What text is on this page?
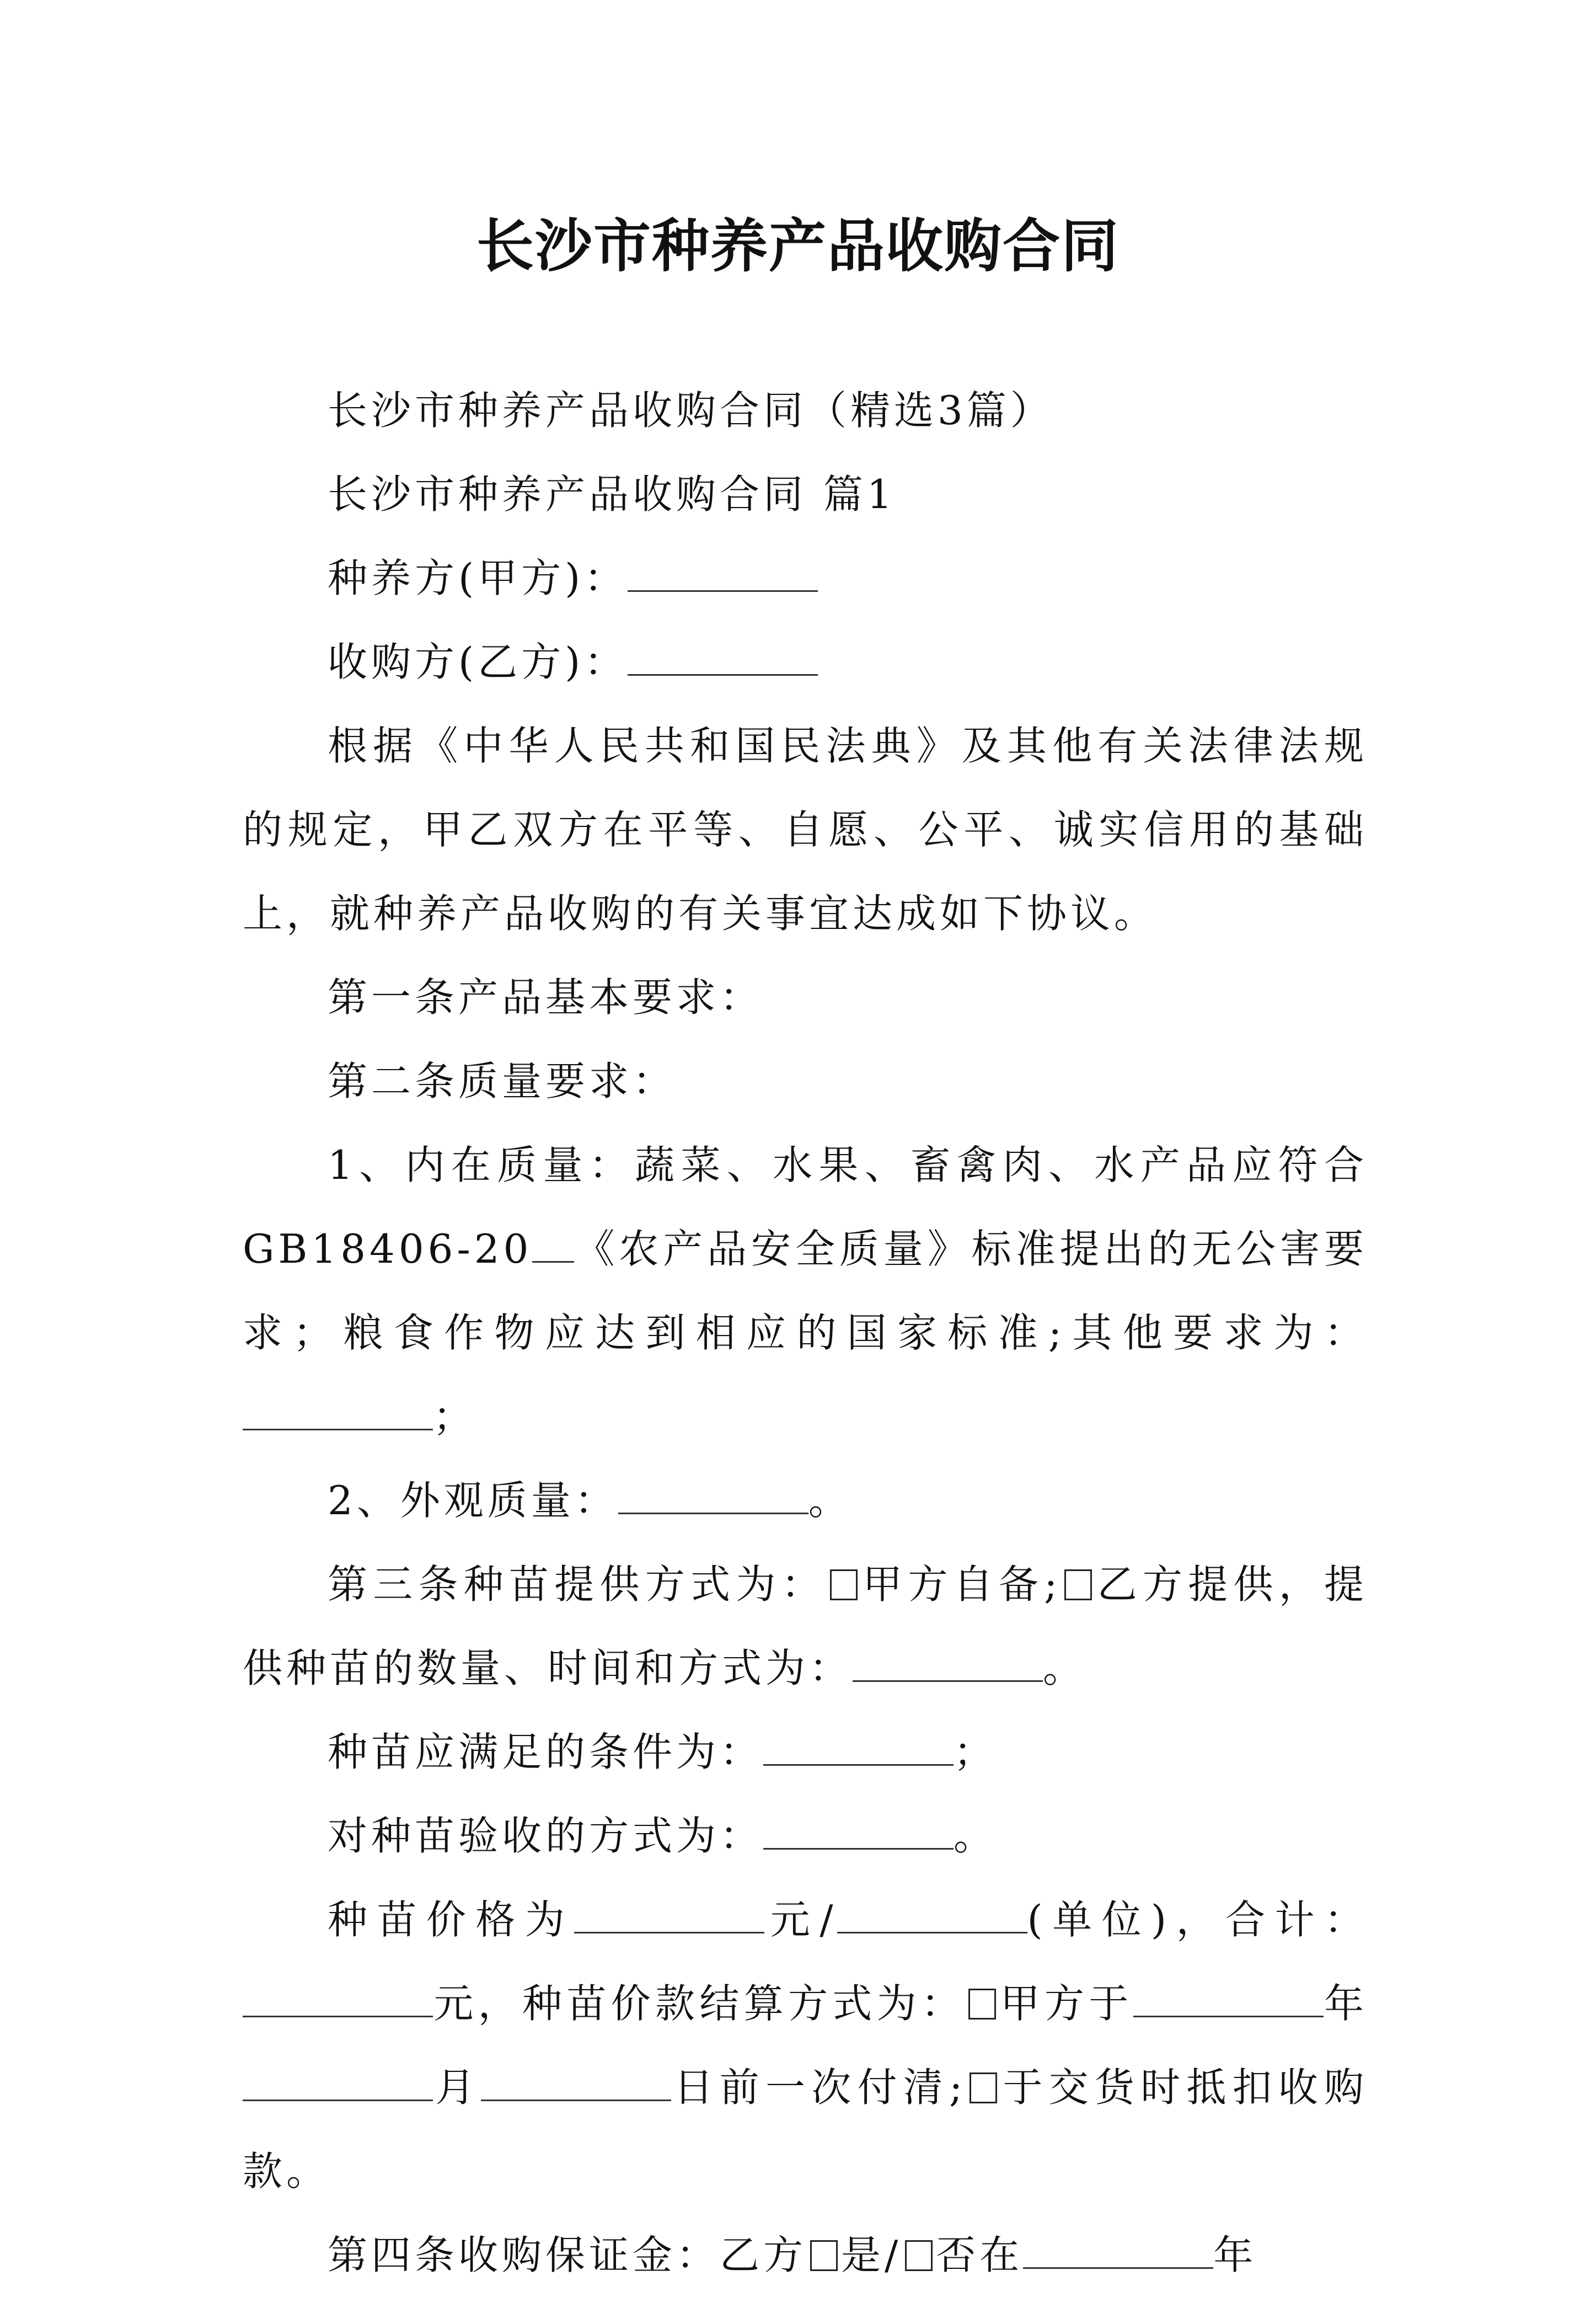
长沙市种养产品收购合同

长沙市种养产品收购合同（精选3篇）

长沙市种养产品收购合同 篇1

种养方(甲方)：

收购方(乙方)：

根据《中华人民共和国民法典》及其他有关法律法规的规定，甲乙双方在平等、自愿、公平、诚实信用的基础上，就种养产品收购的有关事宜达成如下协议。

第一条产品基本要求：

第二条质量要求：

1、内在质量：蔬菜、水果、畜禽肉、水产品应符合GB18406-20 《农产品安全质量》标准提出的无公害要求；粮食作物应达到相应的国家标准;其他要求为：；

2、外观质量：	。

第三条种苗提供方式为： 甲方自备; 乙方提供，提供种苗的数量、时间和方式为：	。

种苗应满足的条件为：	；

对种苗验收的方式为：	。

种苗价格为	元/	(单位)，合计：元，种苗价款结算方式为： 甲方于	年月	日前一次付清; 于交货时抵扣收购款。

第四条收购保证金：乙方 是/ 否在	年
